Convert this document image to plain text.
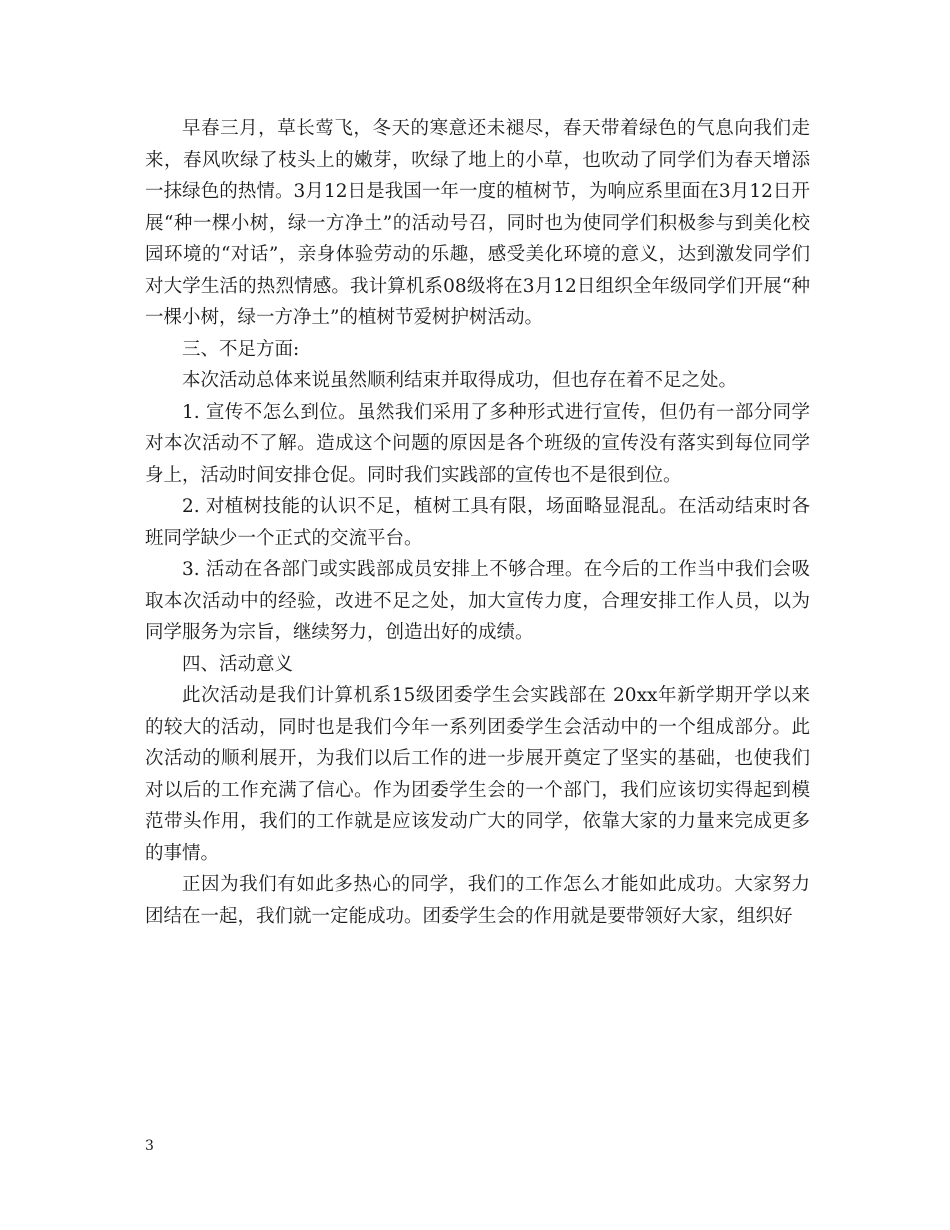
早春三月，草长莺飞，冬天的寒意还未褪尽，春天带着绿色的气息向我们走来，春风吹绿了枝头上的嫩芽，吹绿了地上的小草，也吹动了同学们为春天增添一抹绿色的热情。3月12日是我国一年一度的植树节，为响应系里面在3月12日开展“种一棵小树，绿一方净土”的活动号召，同时也为使同学们积极参与到美化校园环境的“对话”，亲身体验劳动的乐趣，感受美化环境的意义，达到激发同学们对大学生活的热烈情感。我计算机系08级将在3月12日组织全年级同学们开展“种一棵小树，绿一方净土”的植树节爱树护树活动。

三、不足方面:

本次活动总体来说虽然顺利结束并取得成功，但也存在着不足之处。

1. 宣传不怎么到位。虽然我们采用了多种形式进行宣传，但仍有一部分同学对本次活动不了解。造成这个问题的原因是各个班级的宣传没有落实到每位同学身上，活动时间安排仓促。同时我们实践部的宣传也不是很到位。

2. 对植树技能的认识不足，植树工具有限，场面略显混乱。在活动结束时各班同学缺少一个正式的交流平台。

3. 活动在各部门或实践部成员安排上不够合理。在今后的工作当中我们会吸取本次活动中的经验，改进不足之处，加大宣传力度，合理安排工作人员，以为同学服务为宗旨，继续努力，创造出好的成绩。

四、活动意义

此次活动是我们计算机系15级团委学生会实践部在 20xx年新学期开学以来的较大的活动，同时也是我们今年一系列团委学生会活动中的一个组成部分。此次活动的顺利展开，为我们以后工作的进一步展开奠定了坚实的基础，也使我们对以后的工作充满了信心。作为团委学生会的一个部门，我们应该切实得起到模范带头作用，我们的工作就是应该发动广大的同学，依靠大家的力量来完成更多的事情。

正因为我们有如此多热心的同学，我们的工作怎么才能如此成功。大家努力团结在一起，我们就一定能成功。团委学生会的作用就是要带领好大家，组织好

3
